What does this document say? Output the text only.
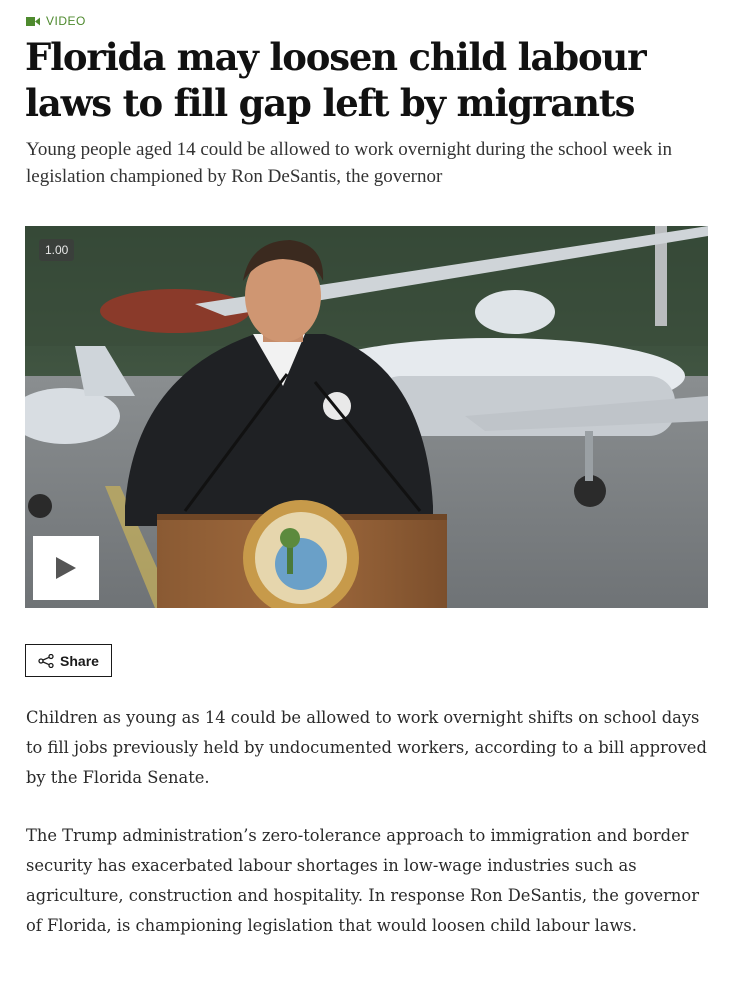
VIDEO
Florida may loosen child labour laws to fill gap left by migrants

Young people aged 14 could be allowed to work overnight during the school week in legislation championed by Ron DeSantis, the governor

1.00
Share

Children as young as 14 could be allowed to work overnight shifts on school days to fill jobs previously held by undocumented workers, according to a bill approved by the Florida Senate.

The Trump administration’s zero-tolerance approach to immigration and border security has exacerbated labour shortages in low-wage industries such as agriculture, construction and hospitality. In response Ron DeSantis, the governor of Florida, is championing legislation that would loosen child labour laws.
